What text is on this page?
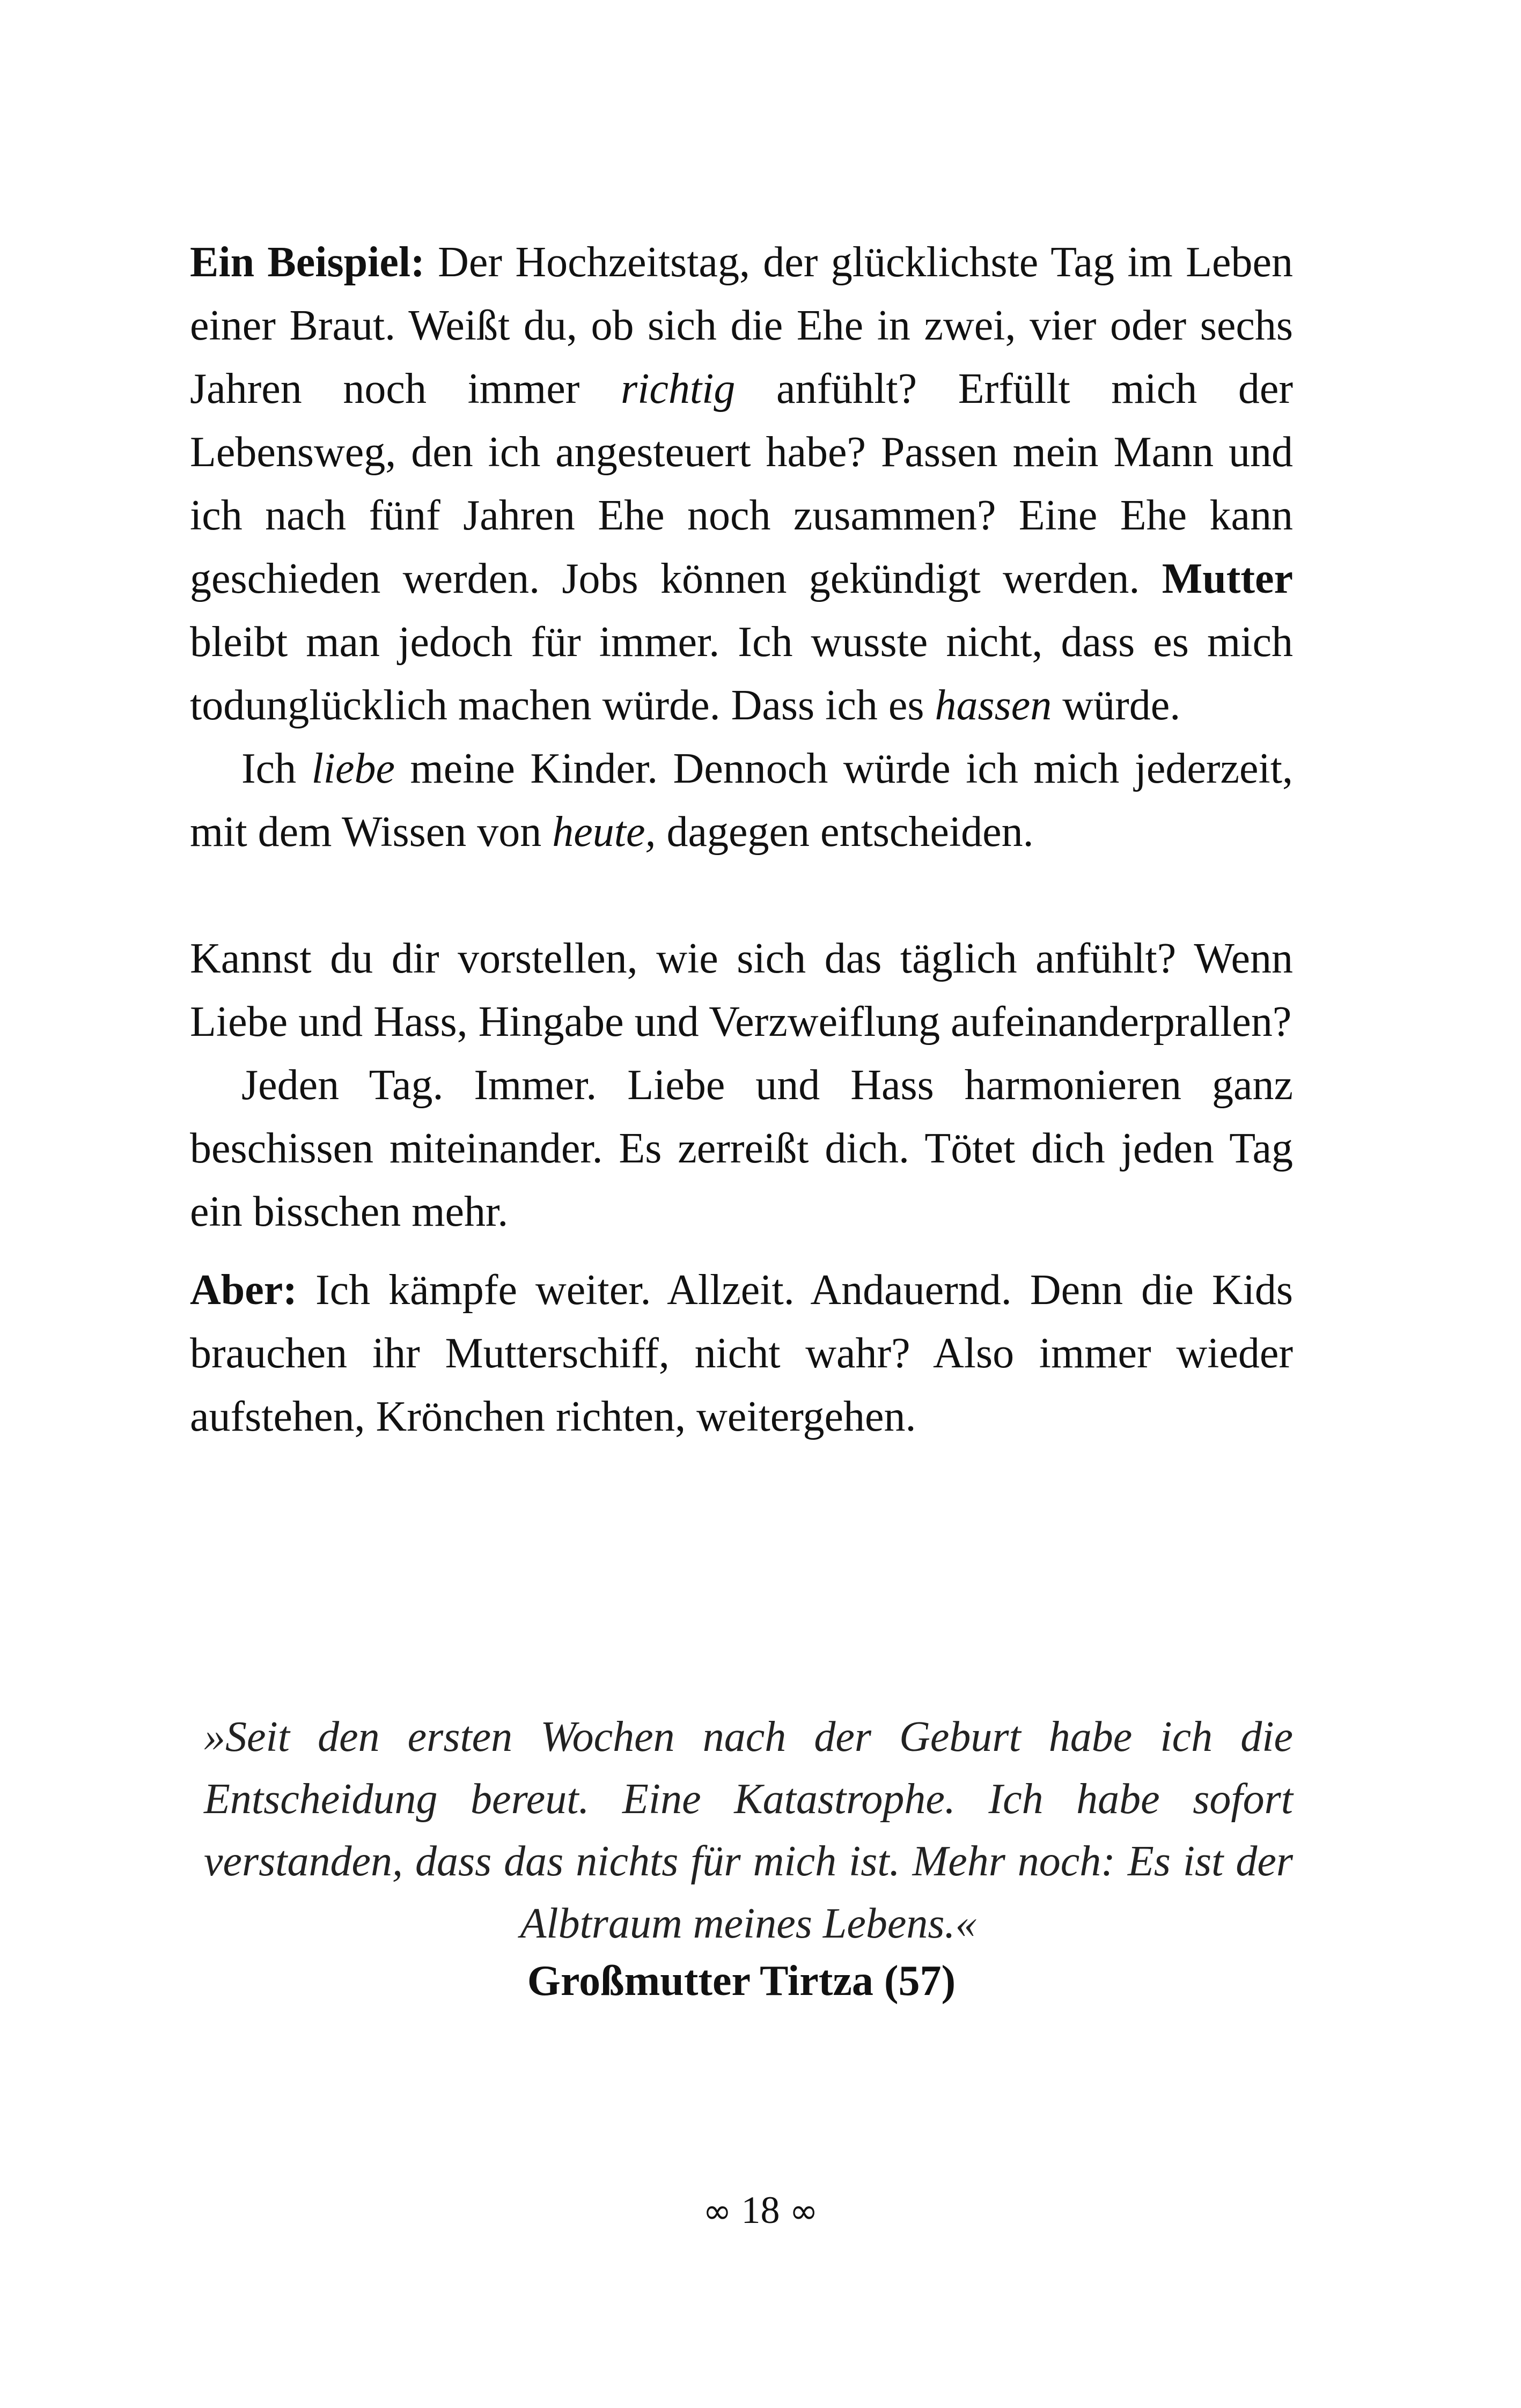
Ein Beispiel: Der Hochzeitstag, der glücklichste Tag im Leben einer Braut. Weißt du, ob sich die Ehe in zwei, vier oder sechs Jahren noch immer richtig anfühlt? Erfüllt mich der Lebensweg, den ich angesteuert habe? Passen mein Mann und ich nach fünf Jahren Ehe noch zusammen? Eine Ehe kann geschieden werden. Jobs können gekündigt werden. Mutter bleibt man jedoch für immer. Ich wusste nicht, dass es mich todunglücklich machen würde. Dass ich es hassen würde.

Ich liebe meine Kinder. Dennoch würde ich mich jederzeit, mit dem Wissen von heute, dagegen entscheiden.

Kannst du dir vorstellen, wie sich das täglich anfühlt? Wenn Liebe und Hass, Hingabe und Verzweiflung aufeinanderprallen?

Jeden Tag. Immer. Liebe und Hass harmonieren ganz beschissen miteinander. Es zerreißt dich. Tötet dich jeden Tag ein bisschen mehr.

Aber: Ich kämpfe weiter. Allzeit. Andauernd. Denn die Kids brauchen ihr Mutterschiff, nicht wahr? Also immer wieder aufstehen, Krönchen richten, weitergehen.

»Seit den ersten Wochen nach der Geburt habe ich die Entscheidung bereut. Eine Katastrophe. Ich habe sofort verstanden, dass das nichts für mich ist. Mehr noch: Es ist der Albtraum meines Lebens.«

Großmutter Tirtza (57)
∞ 18 ∞
